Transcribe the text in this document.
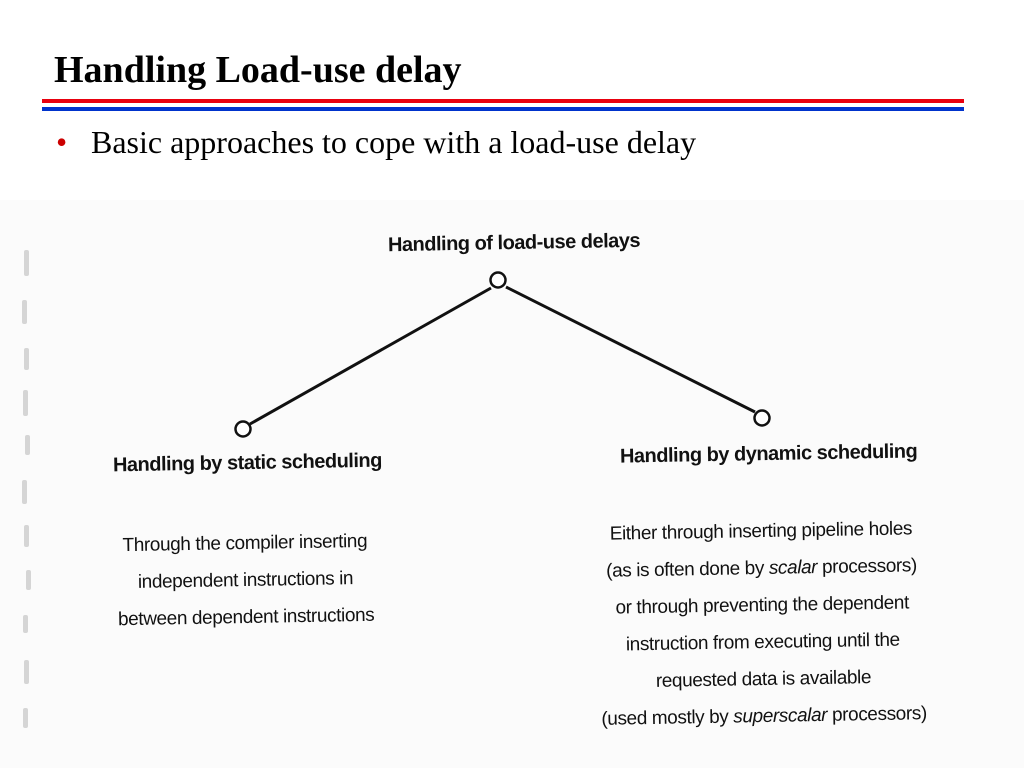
Handling Load-use delay
• Basic approaches to cope with a load-use delay
Handling of load-use delays
Handling by static scheduling	Handling by dynamic scheduling
Through the compiler inserting
independent instructions in
between dependent instructions
Either through inserting pipeline holes
(as is often done by scalar processors)
or through preventing the dependent
instruction from executing until the
requested data is available
(used mostly by superscalar processors)
